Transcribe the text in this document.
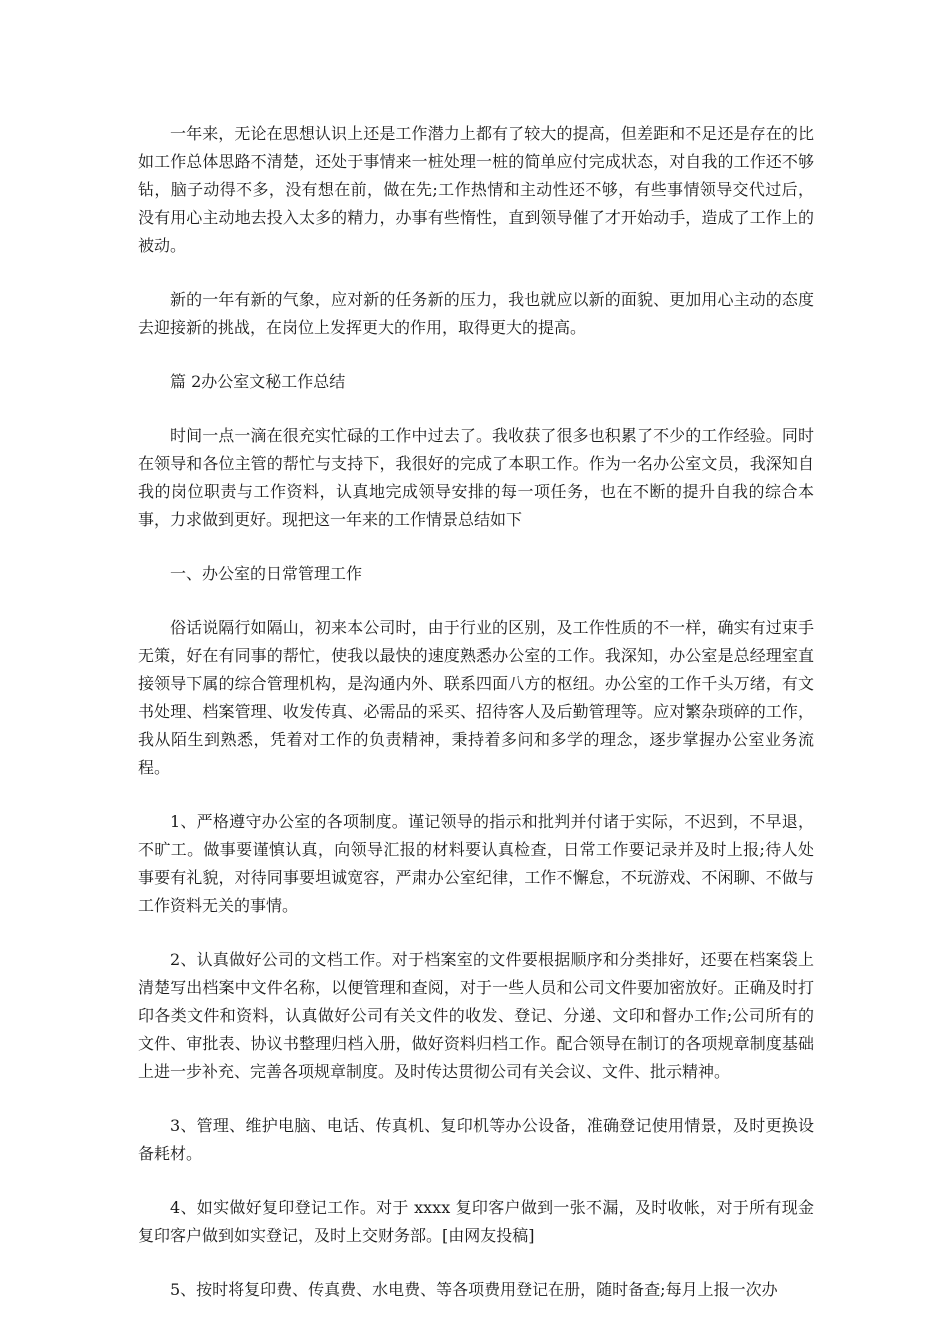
一年来，无论在思想认识上还是工作潜力上都有了较大的提高，但差距和不足还是存在的比如工作总体思路不清楚，还处于事情来一桩处理一桩的简单应付完成状态，对自我的工作还不够钻，脑子动得不多，没有想在前，做在先;工作热情和主动性还不够，有些事情领导交代过后，没有用心主动地去投入太多的精力，办事有些惰性，直到领导催了才开始动手，造成了工作上的被动。

新的一年有新的气象，应对新的任务新的压力，我也就应以新的面貌、更加用心主动的态度去迎接新的挑战，在岗位上发挥更大的作用，取得更大的提高。

篇 2办公室文秘工作总结

时间一点一滴在很充实忙碌的工作中过去了。我收获了很多也积累了不少的工作经验。同时在领导和各位主管的帮忙与支持下，我很好的完成了本职工作。作为一名办公室文员，我深知自我的岗位职责与工作资料，认真地完成领导安排的每一项任务，也在不断的提升自我的综合本事，力求做到更好。现把这一年来的工作情景总结如下

一、办公室的日常管理工作

俗话说隔行如隔山，初来本公司时，由于行业的区别，及工作性质的不一样，确实有过束手无策，好在有同事的帮忙，使我以最快的速度熟悉办公室的工作。我深知，办公室是总经理室直接领导下属的综合管理机构，是沟通内外、联系四面八方的枢纽。办公室的工作千头万绪，有文书处理、档案管理、收发传真、必需品的采买、招待客人及后勤管理等。应对繁杂琐碎的工作，我从陌生到熟悉，凭着对工作的负责精神，秉持着多问和多学的理念，逐步掌握办公室业务流程。

1、严格遵守办公室的各项制度。谨记领导的指示和批判并付诸于实际，不迟到，不早退，不旷工。做事要谨慎认真，向领导汇报的材料要认真检查，日常工作要记录并及时上报;待人处事要有礼貌，对待同事要坦诚宽容，严肃办公室纪律，工作不懈怠，不玩游戏、不闲聊、不做与工作资料无关的事情。

2、认真做好公司的文档工作。对于档案室的文件要根据顺序和分类排好，还要在档案袋上清楚写出档案中文件名称，以便管理和查阅，对于一些人员和公司文件要加密放好。正确及时打印各类文件和资料，认真做好公司有关文件的收发、登记、分递、文印和督办工作;公司所有的文件、审批表、协议书整理归档入册，做好资料归档工作。配合领导在制订的各项规章制度基础上进一步补充、完善各项规章制度。及时传达贯彻公司有关会议、文件、批示精神。

3、管理、维护电脑、电话、传真机、复印机等办公设备，准确登记使用情景，及时更换设备耗材。

4、如实做好复印登记工作。对于 xxxx 复印客户做到一张不漏，及时收帐，对于所有现金复印客户做到如实登记，及时上交财务部。[由网友投稿]

5、按时将复印费、传真费、水电费、等各项费用登记在册，随时备查;每月上报一次办
